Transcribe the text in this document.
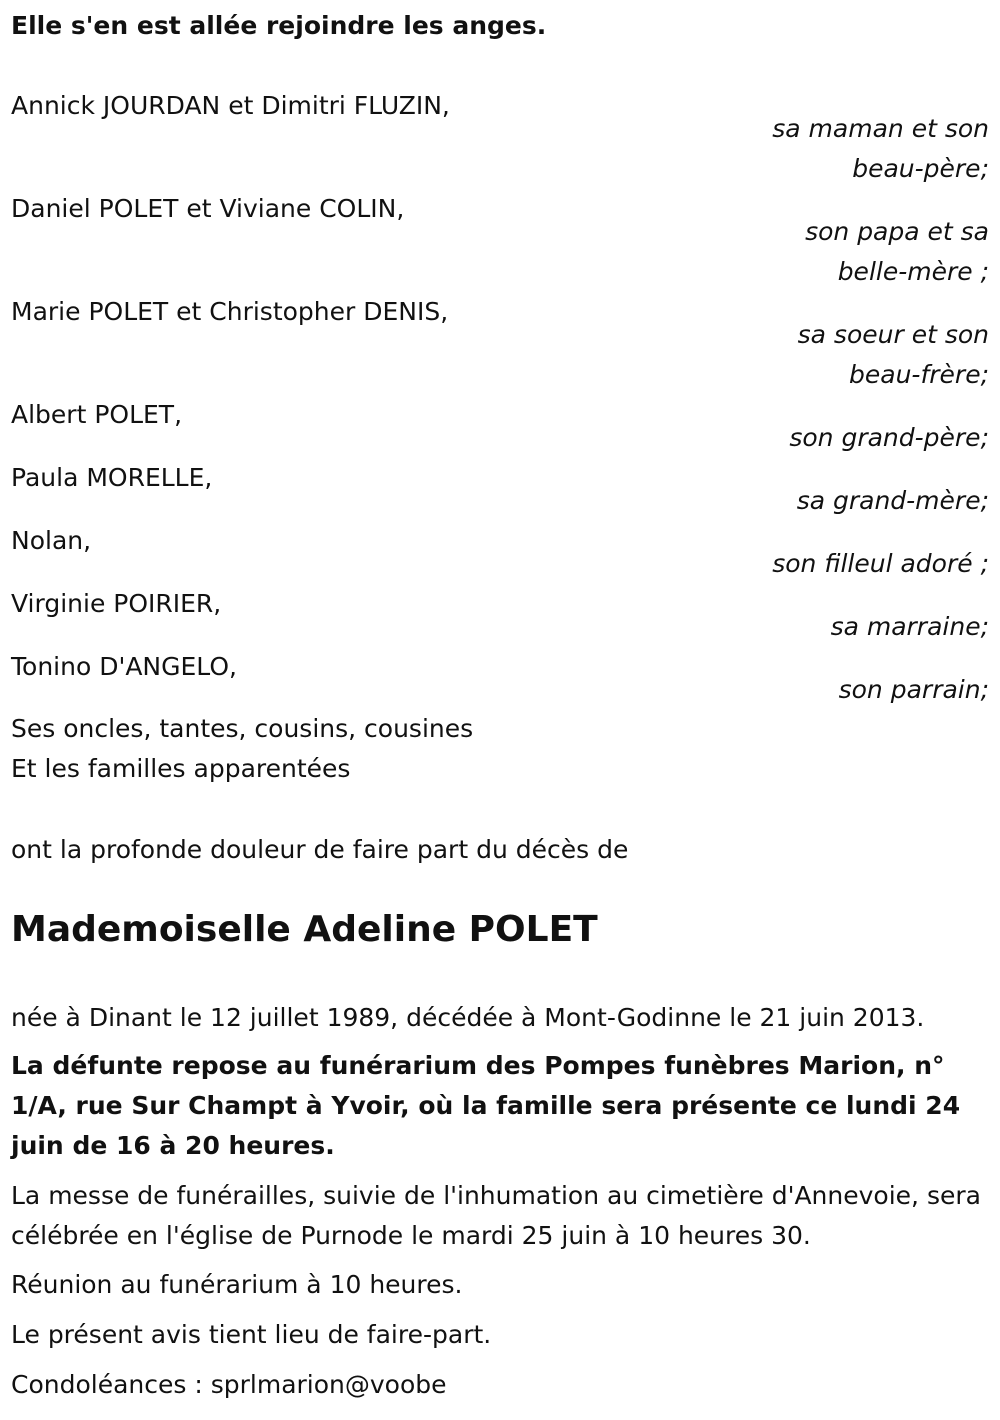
Elle s'en est allée rejoindre les anges.
Annick JOURDAN et Dimitri FLUZIN,
sa maman et son
beau-père;
Daniel POLET et Viviane COLIN,
son papa et sa
belle-mère ;
Marie POLET et Christopher DENIS,
sa soeur et son
beau-frère;
Albert POLET,
son grand-père;
Paula MORELLE,
sa grand-mère;
Nolan,
son filleul adoré ;
Virginie POIRIER,
sa marraine;
Tonino D'ANGELO,
son parrain;
Ses oncles, tantes, cousins, cousines
Et les familles apparentées
ont la profonde douleur de faire part du décès de
Mademoiselle Adeline POLET
née à Dinant le 12 juillet 1989, décédée à Mont-Godinne le 21 juin 2013.
La défunte repose au funérarium des Pompes funèbres Marion, n° 1/A, rue Sur Champt à Yvoir, où la famille sera présente ce lundi 24 juin de 16 à 20 heures.
La messe de funérailles, suivie de l'inhumation au cimetière d'Annevoie, sera célébrée en l'église de Purnode le mardi 25 juin à 10 heures 30.
Réunion au funérarium à 10 heures.
Le présent avis tient lieu de faire-part.
Condoléances : sprlmarion@voobe
